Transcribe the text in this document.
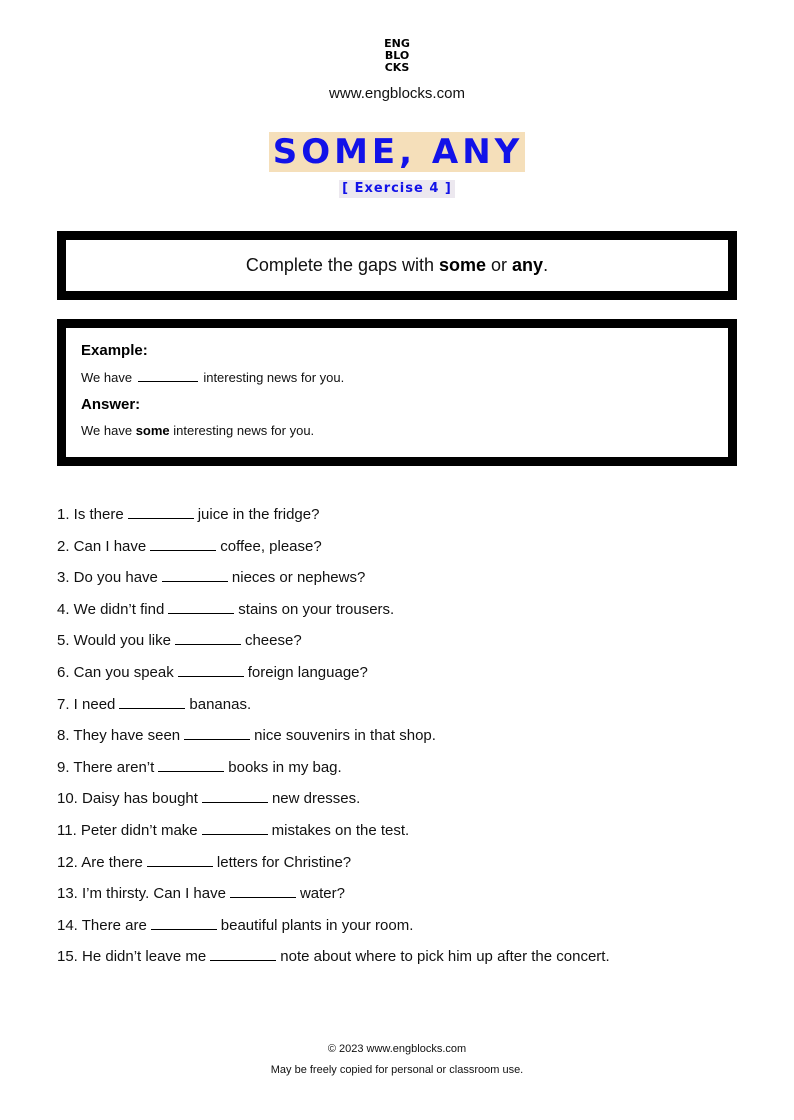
ENG
BLO
CKS
www.engblocks.com
SOME, ANY
[ Exercise 4 ]
Complete the gaps with some or any.
Example:
We have	interesting news for you.
Answer:
We have some interesting news for you.
1. Is there	juice in the fridge?
2. Can I have	coffee, please?
3. Do you have	nieces or nephews?
4. We didn’t find	stains on your trousers.
5. Would you like	cheese?
6. Can you speak	foreign language?
7. I need	bananas.
8. They have seen	nice souvenirs in that shop.
9. There aren’t	books in my bag.
10. Daisy has bought	new dresses.
11. Peter didn’t make	mistakes on the test.
12. Are there	letters for Christine?
13. I’m thirsty. Can I have	water?
14. There are	beautiful plants in your room.
15. He didn’t leave me	note about where to pick him up after the concert.
© 2023 www.engblocks.com
May be freely copied for personal or classroom use.
